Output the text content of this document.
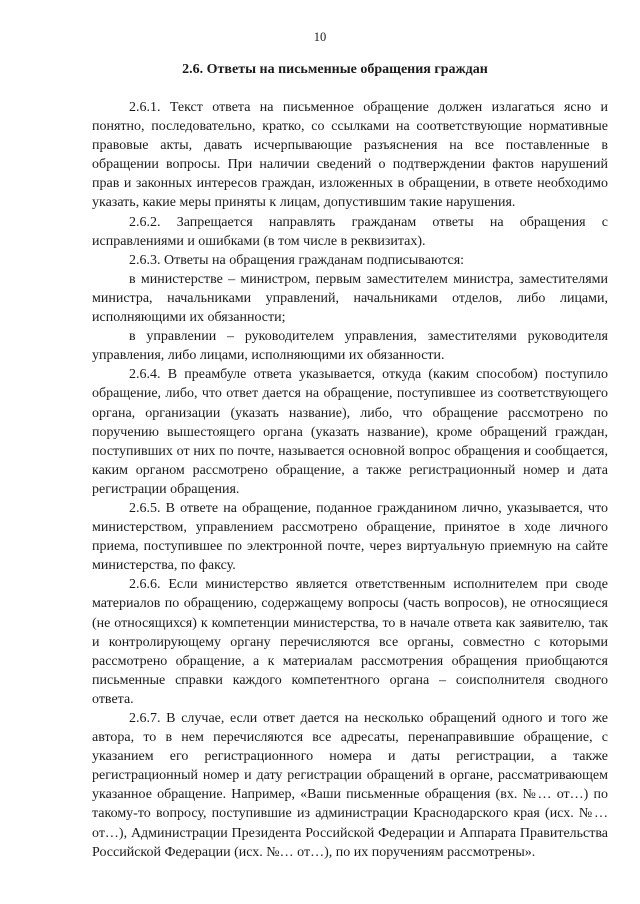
10
2.6. Ответы на письменные обращения граждан

2.6.1. Текст ответа на письменное обращение должен излагаться ясно и понятно, последовательно, кратко, со ссылками на соответствующие нормативные правовые акты, давать исчерпывающие разъяснения на все поставленные в обращении вопросы. При наличии сведений о подтверждении фактов нарушений прав и законных интересов граждан, изложенных в обращении, в ответе необходимо указать, какие меры приняты к лицам, допустившим такие нарушения.

2.6.2. Запрещается направлять гражданам ответы на обращения с исправлениями и ошибками (в том числе в реквизитах).

2.6.3. Ответы на обращения гражданам подписываются:

в министерстве – министром, первым заместителем министра, заместителями министра, начальниками управлений, начальниками отделов, либо лицами, исполняющими их обязанности;

в управлении – руководителем управления, заместителями руководителя управления, либо лицами, исполняющими их обязанности.

2.6.4. В преамбуле ответа указывается, откуда (каким способом) поступило обращение, либо, что ответ дается на обращение, поступившее из соответствующего органа, организации (указать название), либо, что обращение рассмотрено по поручению вышестоящего органа (указать название), кроме обращений граждан, поступивших от них по почте, называется основной вопрос обращения и сообщается, каким органом рассмотрено обращение, а также регистрационный номер и дата регистрации обращения.

2.6.5. В ответе на обращение, поданное гражданином лично, указывается, что министерством, управлением рассмотрено обращение, принятое в ходе личного приема, поступившее по электронной почте, через виртуальную приемную на сайте министерства, по факсу.

2.6.6. Если министерство является ответственным исполнителем при своде материалов по обращению, содержащему вопросы (часть вопросов), не относящиеся (не относящихся) к компетенции министерства, то в начале ответа как заявителю, так и контролирующему органу перечисляются все органы, совместно с которыми рассмотрено обращение, а к материалам рассмотрения обращения приобщаются письменные справки каждого компетентного органа – соисполнителя сводного ответа.

2.6.7. В случае, если ответ дается на несколько обращений одного и того же автора, то в нем перечисляются все адресаты, перенаправившие обращение, с указанием его регистрационного номера и даты регистрации, а также регистрационный номер и дату регистрации обращений в органе, рассматривающем указанное обращение. Например, «Ваши письменные обращения (вх. №… от…) по такому-то вопросу, поступившие из администрации Краснодарского края (исх. №… от…), Администрации Президента Российской Федерации и Аппарата Правительства Российской Федерации (исх. №… от…), по их поручениям рассмотрены».
